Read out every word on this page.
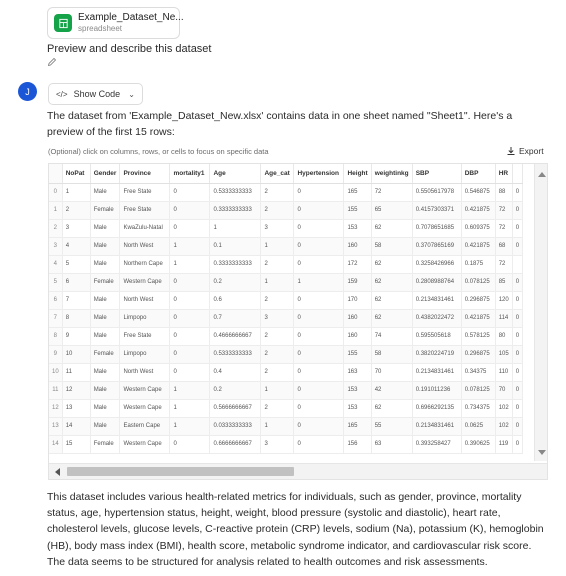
Example_Dataset_Ne...
spreadsheet
Preview and describe this dataset
J	</> Show Code ⌄
The dataset from 'Example_Dataset_New.xlsx' contains data in one sheet named "Sheet1". Here's a preview of the first 15 rows:
(Optional) click on columns, rows, or cells to focus on specific data	Export
	NoPat	Gender	Province	mortality1	Age	Age_cat	Hypertension	Height	weightinkg	SBP	DBP	HR	
0	1	Male	Free State	0	0.5333333333	2	0	165	72	0.5505617978	0.546875	88	0
1	2	Female	Free State	0	0.3333333333	2	0	155	65	0.4157303371	0.421875	72	0
2	3	Male	KwaZulu-Natal	0	1	3	0	153	62	0.7078651685	0.609375	72	0
3	4	Male	North West	1	0.1	1	0	160	58	0.3707865169	0.421875	68	0
4	5	Male	Northern Cape	1	0.3333333333	2	0	172	62	0.3258426966	0.1875	72	
5	6	Female	Western Cape	0	0.2	1	1	159	62	0.2808988764	0.078125	85	0
6	7	Male	North West	0	0.6	2	0	170	62	0.2134831461	0.296875	120	0
7	8	Male	Limpopo	0	0.7	3	0	160	62	0.4382022472	0.421875	114	0
8	9	Male	Free State	0	0.4666666667	2	0	160	74	0.595505618	0.578125	80	0
9	10	Female	Limpopo	0	0.5333333333	2	0	155	58	0.3820224719	0.296875	105	0
10	11	Male	North West	0	0.4	2	0	163	70	0.2134831461	0.34375	110	0
11	12	Male	Western Cape	1	0.2	1	0	153	42	0.191011236	0.078125	70	0
12	13	Male	Western Cape	1	0.5666666667	2	0	153	62	0.6966292135	0.734375	102	0
13	14	Male	Eastern Cape	1	0.0333333333	1	0	165	55	0.2134831461	0.0625	102	0
14	15	Female	Western Cape	0	0.6666666667	3	0	156	63	0.393258427	0.390625	119	0
This dataset includes various health-related metrics for individuals, such as gender, province, mortality status, age, hypertension status, height, weight, blood pressure (systolic and diastolic), heart rate, cholesterol levels, glucose levels, C-reactive protein (CRP) levels, sodium (Na), potassium (K), hemoglobin (HB), body mass index (BMI), health score, metabolic syndrome indicator, and cardiovascular risk score. The data seems to be structured for analysis related to health outcomes and risk assessments.
